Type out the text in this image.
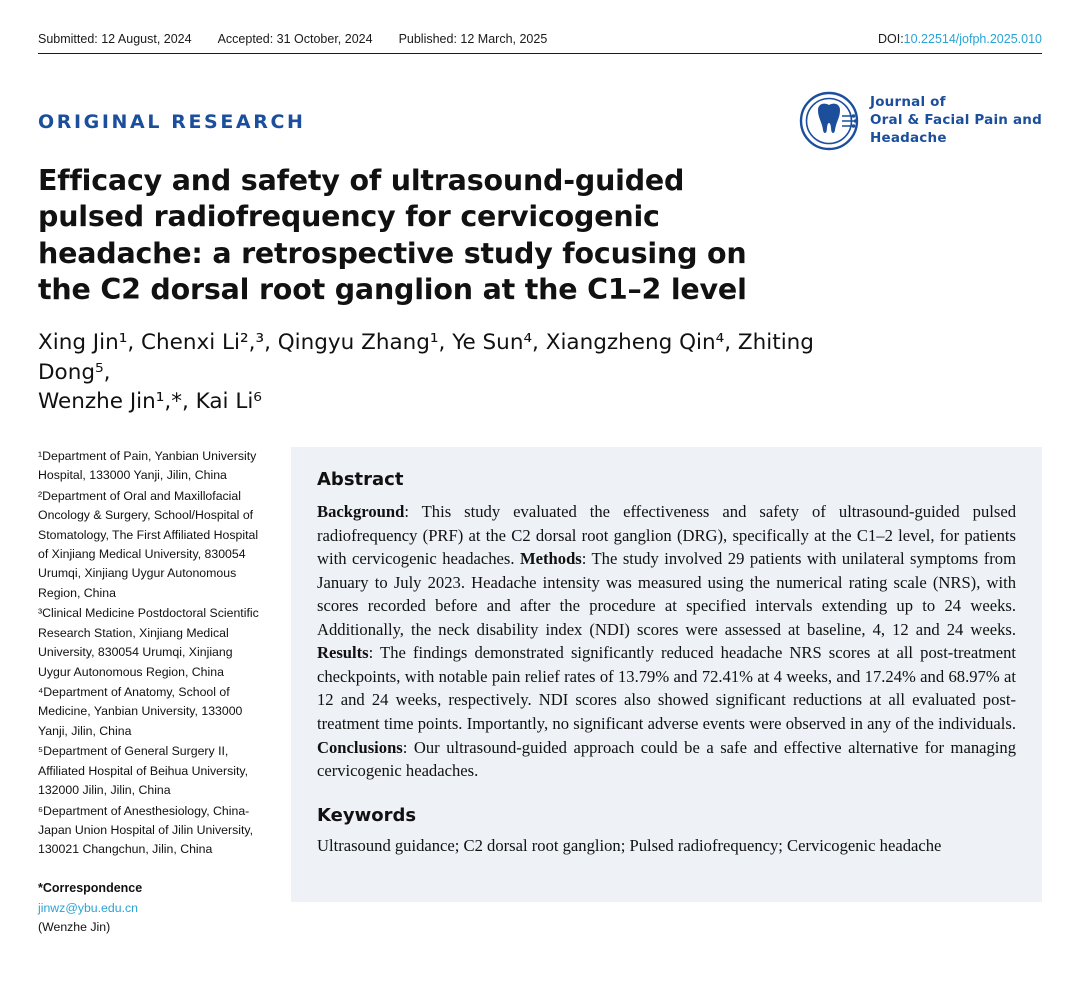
Submitted: 12 August, 2024 Accepted: 31 October, 2024 Published: 12 March, 2025	DOI:10.22514/jofph.2025.010
Journal of
Oral & Facial Pain and
Headache
ORIGINAL RESEARCH
Efficacy and safety of ultrasound-guided pulsed radiofrequency for cervicogenic headache: a retrospective study focusing on the C2 dorsal root ganglion at the C1–2 level
Xing Jin¹, Chenxi Li²,³, Qingyu Zhang¹, Ye Sun⁴, Xiangzheng Qin⁴, Zhiting Dong⁵,
Wenzhe Jin¹,*, Kai Li⁶

¹Department of Pain, Yanbian University Hospital, 133000 Yanji, Jilin, China

²Department of Oral and Maxillofacial Oncology & Surgery, School/Hospital of Stomatology, The First Affiliated Hospital of Xinjiang Medical University, 830054 Urumqi, Xinjiang Uygur Autonomous Region, China

³Clinical Medicine Postdoctoral Scientific Research Station, Xinjiang Medical University, 830054 Urumqi, Xinjiang Uygur Autonomous Region, China

⁴Department of Anatomy, School of Medicine, Yanbian University, 133000 Yanji, Jilin, China

⁵Department of General Surgery II, Affiliated Hospital of Beihua University, 132000 Jilin, Jilin, China

⁶Department of Anesthesiology, China-Japan Union Hospital of Jilin University, 130021 Changchun, Jilin, China

*Correspondence
jinwz@ybu.edu.cn
(Wenzhe Jin)
Abstract

Background: This study evaluated the effectiveness and safety of ultrasound-guided pulsed radiofrequency (PRF) at the C2 dorsal root ganglion (DRG), specifically at the C1–2 level, for patients with cervicogenic headaches. Methods: The study involved 29 patients with unilateral symptoms from January to July 2023. Headache intensity was measured using the numerical rating scale (NRS), with scores recorded before and after the procedure at specified intervals extending up to 24 weeks. Additionally, the neck disability index (NDI) scores were assessed at baseline, 4, 12 and 24 weeks. Results: The findings demonstrated significantly reduced headache NRS scores at all post-treatment checkpoints, with notable pain relief rates of 13.79% and 72.41% at 4 weeks, and 17.24% and 68.97% at 12 and 24 weeks, respectively. NDI scores also showed significant reductions at all evaluated post-treatment time points. Importantly, no significant adverse events were observed in any of the individuals. Conclusions: Our ultrasound-guided approach could be a safe and effective alternative for managing cervicogenic headaches.

Keywords

Ultrasound guidance; C2 dorsal root ganglion; Pulsed radiofrequency; Cervicogenic headache
